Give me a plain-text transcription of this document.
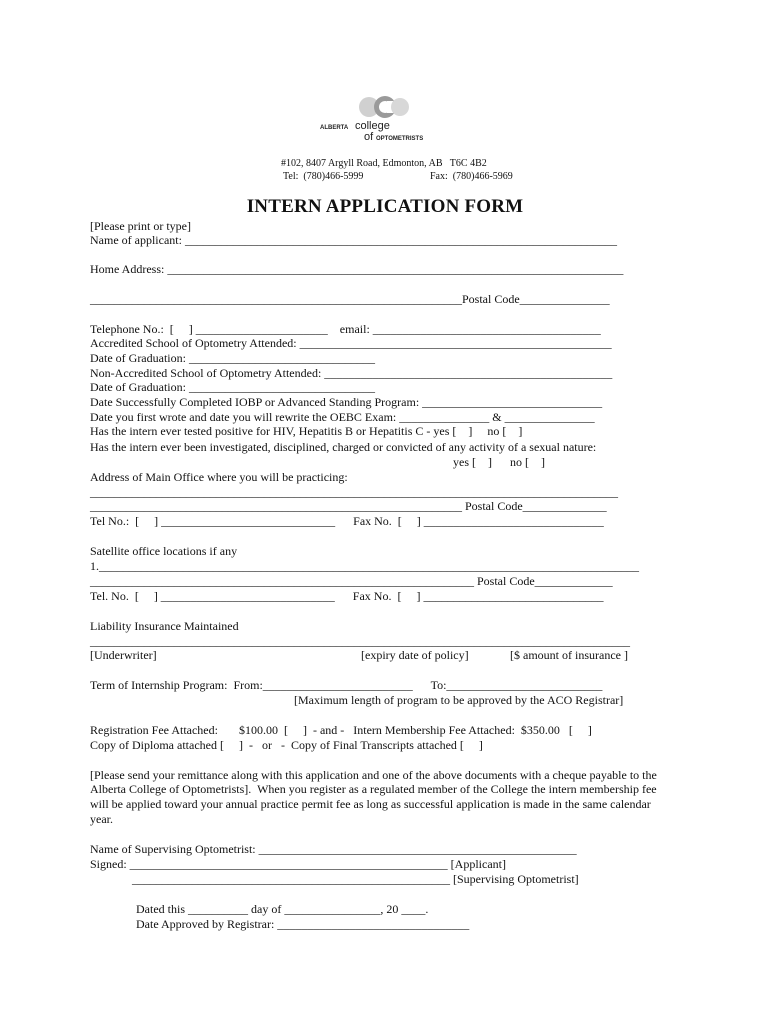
ALBERTA college
of OPTOMETRISTS
#102, 8407 Argyll Road, Edmonton, AB   T6C 4B2
Tel:  (780)466-5999	Fax:  (780)466-5969
INTERN APPLICATION FORM
[Please print or type]
Name of applicant: ________________________________________________________________________
Home Address: ____________________________________________________________________________
______________________________________________________________Postal Code_______________
Telephone No.:  [     ] ______________________    email: ______________________________________
Accredited School of Optometry Attended: ____________________________________________________
Date of Graduation: _______________________________
Non-Accredited School of Optometry Attended: ________________________________________________
Date of Graduation: _______________________________
Date Successfully Completed IOBP or Advanced Standing Program: ______________________________
Date you first wrote and date you will rewrite the OEBC Exam: _______________ & _______________
Has the intern ever tested positive for HIV, Hepatitis B or Hepatitis C - yes [    ]     no [    ]
Has the intern ever been investigated, disciplined, charged or convicted of any activity of a sexual nature:
yes [    ]      no [    ]
Address of Main Office where you will be practicing:
________________________________________________________________________________________
______________________________________________________________ Postal Code______________
Tel No.:  [     ] _____________________________      Fax No.  [     ] ______________________________
Satellite office locations if any
1.__________________________________________________________________________________________
________________________________________________________________ Postal Code_____________
Tel. No.  [     ] _____________________________      Fax No.  [     ] ______________________________
Liability Insurance Maintained
__________________________________________________________________________________________
[Underwriter]	[expiry date of policy]	[$ amount of insurance ]
Term of Internship Program:  From:_________________________      To:__________________________
[Maximum length of program to be approved by the ACO Registrar]
Registration Fee Attached:       $100.00  [     ]  - and -   Intern Membership Fee Attached:  $350.00   [     ]
Copy of Diploma attached [     ]  -   or   -  Copy of Final Transcripts attached [     ]
[Please send your remittance along with this application and one of the above documents with a cheque payable to the
Alberta College of Optometrists].  When you register as a regulated member of the College the intern membership fee
will be applied toward your annual practice permit fee as long as successful application is made in the same calendar
year.
Name of Supervising Optometrist: _____________________________________________________
Signed: _____________________________________________________ [Applicant]
_____________________________________________________ [Supervising Optometrist]
Dated this __________ day of ________________, 20 ____.
Date Approved by Registrar: ________________________________
